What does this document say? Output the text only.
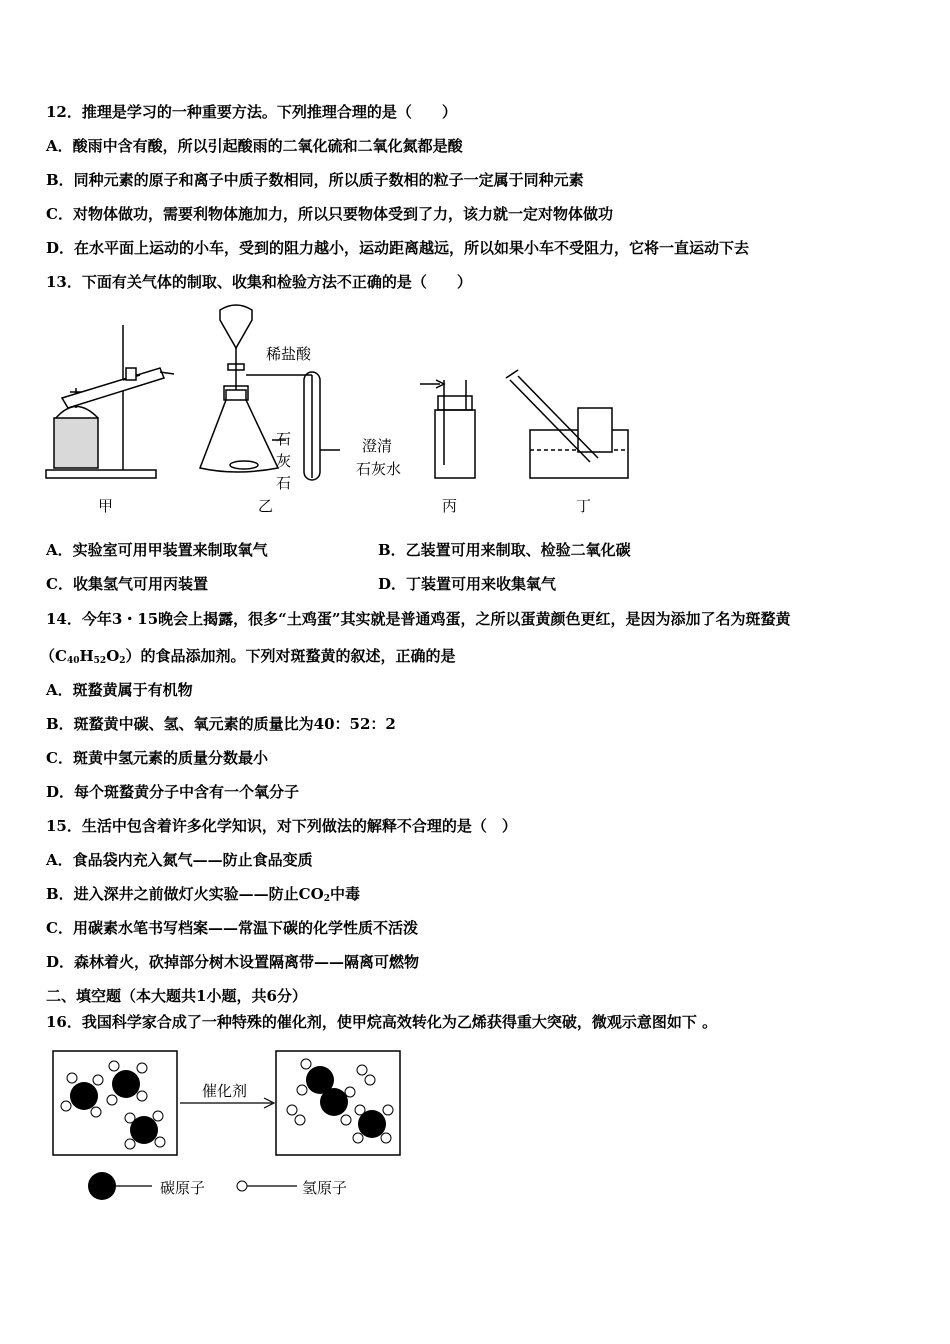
12．推理是学习的一种重要方法。下列推理合理的是（　　）
A．酸雨中含有酸，所以引起酸雨的二氧化硫和二氧化氮都是酸
B．同种元素的原子和离子中质子数相同，所以质子数相的粒子一定属于同种元素
C．对物体做功，需要利物体施加力，所以只要物体受到了力，该力就一定对物体做功
D．在水平面上运动的小车，受到的阻力越小，运动距离越远，所以如果小车不受阻力，它将一直运动下去
13．下面有关气体的制取、收集和检验方法不正确的是（　　）
稀盐酸
石
灰
石
澄清
石灰水
甲	乙	丙	丁
A．实验室可用甲装置来制取氧气	B．乙装置可用来制取、检验二氧化碳
C．收集氢气可用丙装置	D．丁装置可用来收集氧气
14．今年3・15晚会上揭露，很多“土鸡蛋”其实就是普通鸡蛋，之所以蛋黄颜色更红，是因为添加了名为斑蝥黄
$(C_{40}H_{52}O_2)$的食品添加剂。下列对斑蝥黄的叙述，正确的是
A．斑蝥黄属于有机物
B．斑蝥黄中碳、氢、氧元素的质量比为40：52：2
C．斑黄中氢元素的质量分数最小
D．每个斑蝥黄分子中含有一个氧分子
15．生活中包含着许多化学知识，对下列做法的解释不合理的是（　）
A．食品袋内充入氮气——防止食品变质
B．进入深井之前做灯火实验——防止$CO_2$中毒
C．用碳素水笔书写档案——常温下碳的化学性质不活泼
D．森林着火，砍掉部分树木设置隔离带——隔离可燃物
二、填空题（本大题共1小题，共6分）
16．我国科学家合成了一种特殊的催化剂，使甲烷高效转化为乙烯获得重大突破，微观示意图如下 。
催化剂
碳原子	氢原子
